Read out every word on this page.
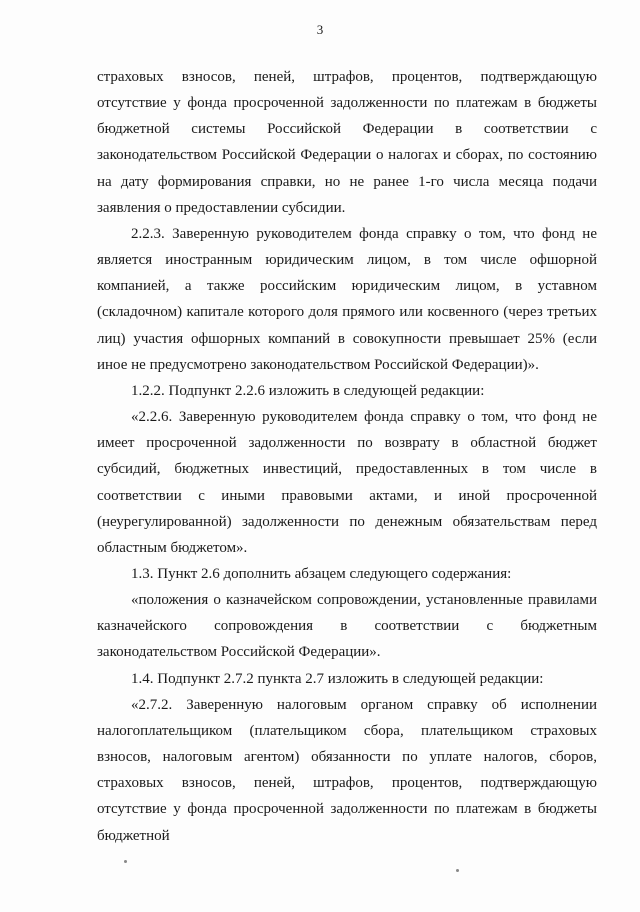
3

страховых взносов, пеней, штрафов, процентов, подтверждающую отсутствие у фонда просроченной задолженности по платежам в бюджеты бюджетной системы Российской Федерации в соответствии с законодательством Российской Федерации о налогах и сборах, по состоянию на дату формирования справки, но не ранее 1-го числа месяца подачи заявления о предоставлении субсидии.

2.2.3. Заверенную руководителем фонда справку о том, что фонд не является иностранным юридическим лицом, в том числе офшорной компанией, а также российским юридическим лицом, в уставном (складочном) капитале которого доля прямого или косвенного (через третьих лиц) участия офшорных компаний в совокупности превышает 25% (если иное не предусмотрено законодательством Российской Федерации)».

1.2.2. Подпункт 2.2.6 изложить в следующей редакции:

«2.2.6. Заверенную руководителем фонда справку о том, что фонд не имеет просроченной задолженности по возврату в областной бюджет субсидий, бюджетных инвестиций, предоставленных в том числе в соответствии с иными правовыми актами, и иной просроченной (неурегулированной) задолженности по денежным обязательствам перед областным бюджетом».

1.3. Пункт 2.6 дополнить абзацем следующего содержания:

«положения о казначейском сопровождении, установленные правилами казначейского сопровождения в соответствии с бюджетным законодательством Российской Федерации».

1.4. Подпункт 2.7.2 пункта 2.7 изложить в следующей редакции:

«2.7.2. Заверенную налоговым органом справку об исполнении налогоплательщиком (плательщиком сбора, плательщиком страховых взносов, налоговым агентом) обязанности по уплате налогов, сборов, страховых взносов, пеней, штрафов, процентов, подтверждающую отсутствие у фонда просроченной задолженности по платежам в бюджеты бюджетной
